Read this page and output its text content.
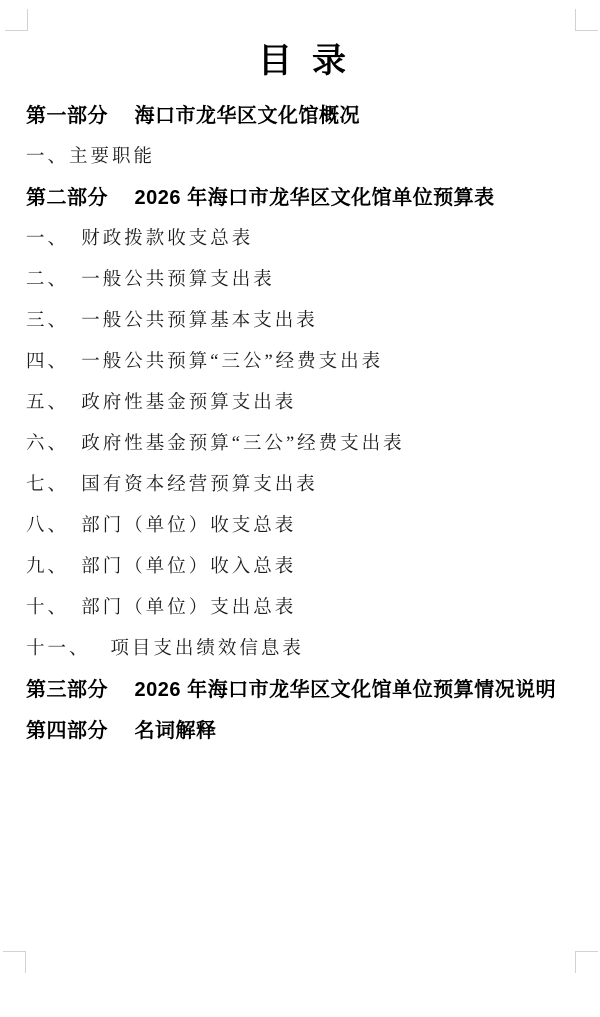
目录
第一部分　 海口市龙华区文化馆概况
一、主要职能
第二部分　 2026 年海口市龙华区文化馆单位预算表
一、　财政拨款收支总表
二、　一般公共预算支出表
三、　一般公共预算基本支出表
四、　一般公共预算“三公”经费支出表
五、　政府性基金预算支出表
六、　政府性基金预算“三公”经费支出表
七、　国有资本经营预算支出表
八、　部门（单位）收支总表
九、　部门（单位）收入总表
十、　部门（单位）支出总表
十一、　 项目支出绩效信息表
第三部分　 2026 年海口市龙华区文化馆单位预算情况说明
第四部分　 名词解释
